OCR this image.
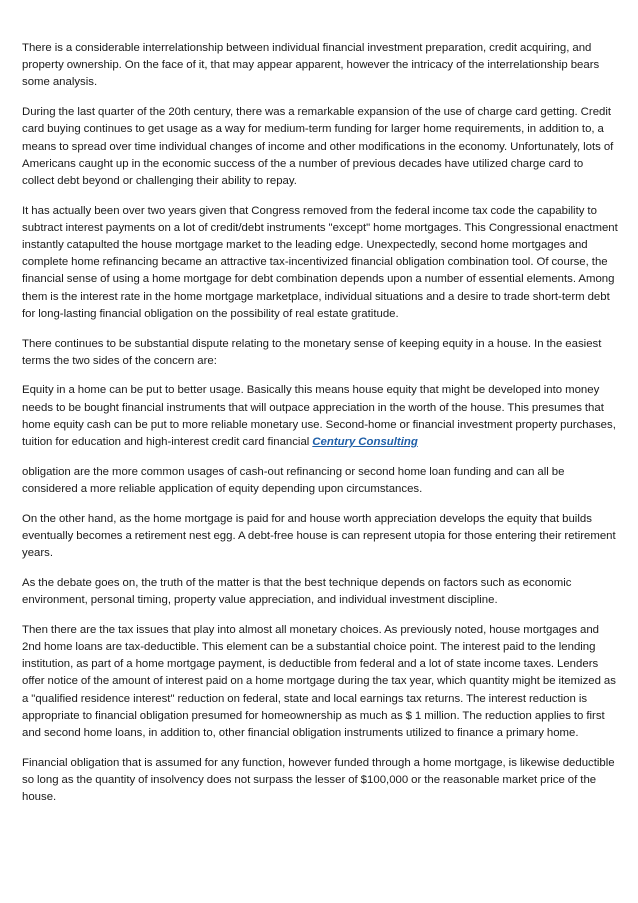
There is a considerable interrelationship between individual financial investment preparation, credit acquiring, and property ownership. On the face of it, that may appear apparent, however the intricacy of the interrelationship bears some analysis.

During the last quarter of the 20th century, there was a remarkable expansion of the use of charge card getting. Credit card buying continues to get usage as a way for medium-term funding for larger home requirements, in addition to, a means to spread over time individual changes of income and other modifications in the economy. Unfortunately, lots of Americans caught up in the economic success of the a number of previous decades have utilized charge card to collect debt beyond or challenging their ability to repay.

It has actually been over two years given that Congress removed from the federal income tax code the capability to subtract interest payments on a lot of credit/debt instruments "except" home mortgages. This Congressional enactment instantly catapulted the house mortgage market to the leading edge. Unexpectedly, second home mortgages and complete home refinancing became an attractive tax-incentivized financial obligation combination tool. Of course, the financial sense of using a home mortgage for debt combination depends upon a number of essential elements. Among them is the interest rate in the home mortgage marketplace, individual situations and a desire to trade short-term debt for long-lasting financial obligation on the possibility of real estate gratitude.

There continues to be substantial dispute relating to the monetary sense of keeping equity in a house. In the easiest terms the two sides of the concern are:

Equity in a home can be put to better usage. Basically this means house equity that might be developed into money needs to be bought financial instruments that will outpace appreciation in the worth of the house. This presumes that home equity cash can be put to more reliable monetary use. Second-home or financial investment property purchases, tuition for education and high-interest credit card financial Century Consulting

obligation are the more common usages of cash-out refinancing or second home loan funding and can all be considered a more reliable application of equity depending upon circumstances.

On the other hand, as the home mortgage is paid for and house worth appreciation develops the equity that builds eventually becomes a retirement nest egg. A debt-free house is can represent utopia for those entering their retirement years.

As the debate goes on, the truth of the matter is that the best technique depends on factors such as economic environment, personal timing, property value appreciation, and individual investment discipline.

Then there are the tax issues that play into almost all monetary choices. As previously noted, house mortgages and 2nd home loans are tax-deductible. This element can be a substantial choice point. The interest paid to the lending institution, as part of a home mortgage payment, is deductible from federal and a lot of state income taxes. Lenders offer notice of the amount of interest paid on a home mortgage during the tax year, which quantity might be itemized as a "qualified residence interest" reduction on federal, state and local earnings tax returns. The interest reduction is appropriate to financial obligation presumed for homeownership as much as $ 1 million. The reduction applies to first and second home loans, in addition to, other financial obligation instruments utilized to finance a primary home.

Financial obligation that is assumed for any function, however funded through a home mortgage, is likewise deductible so long as the quantity of insolvency does not surpass the lesser of $100,000 or the reasonable market price of the house.
